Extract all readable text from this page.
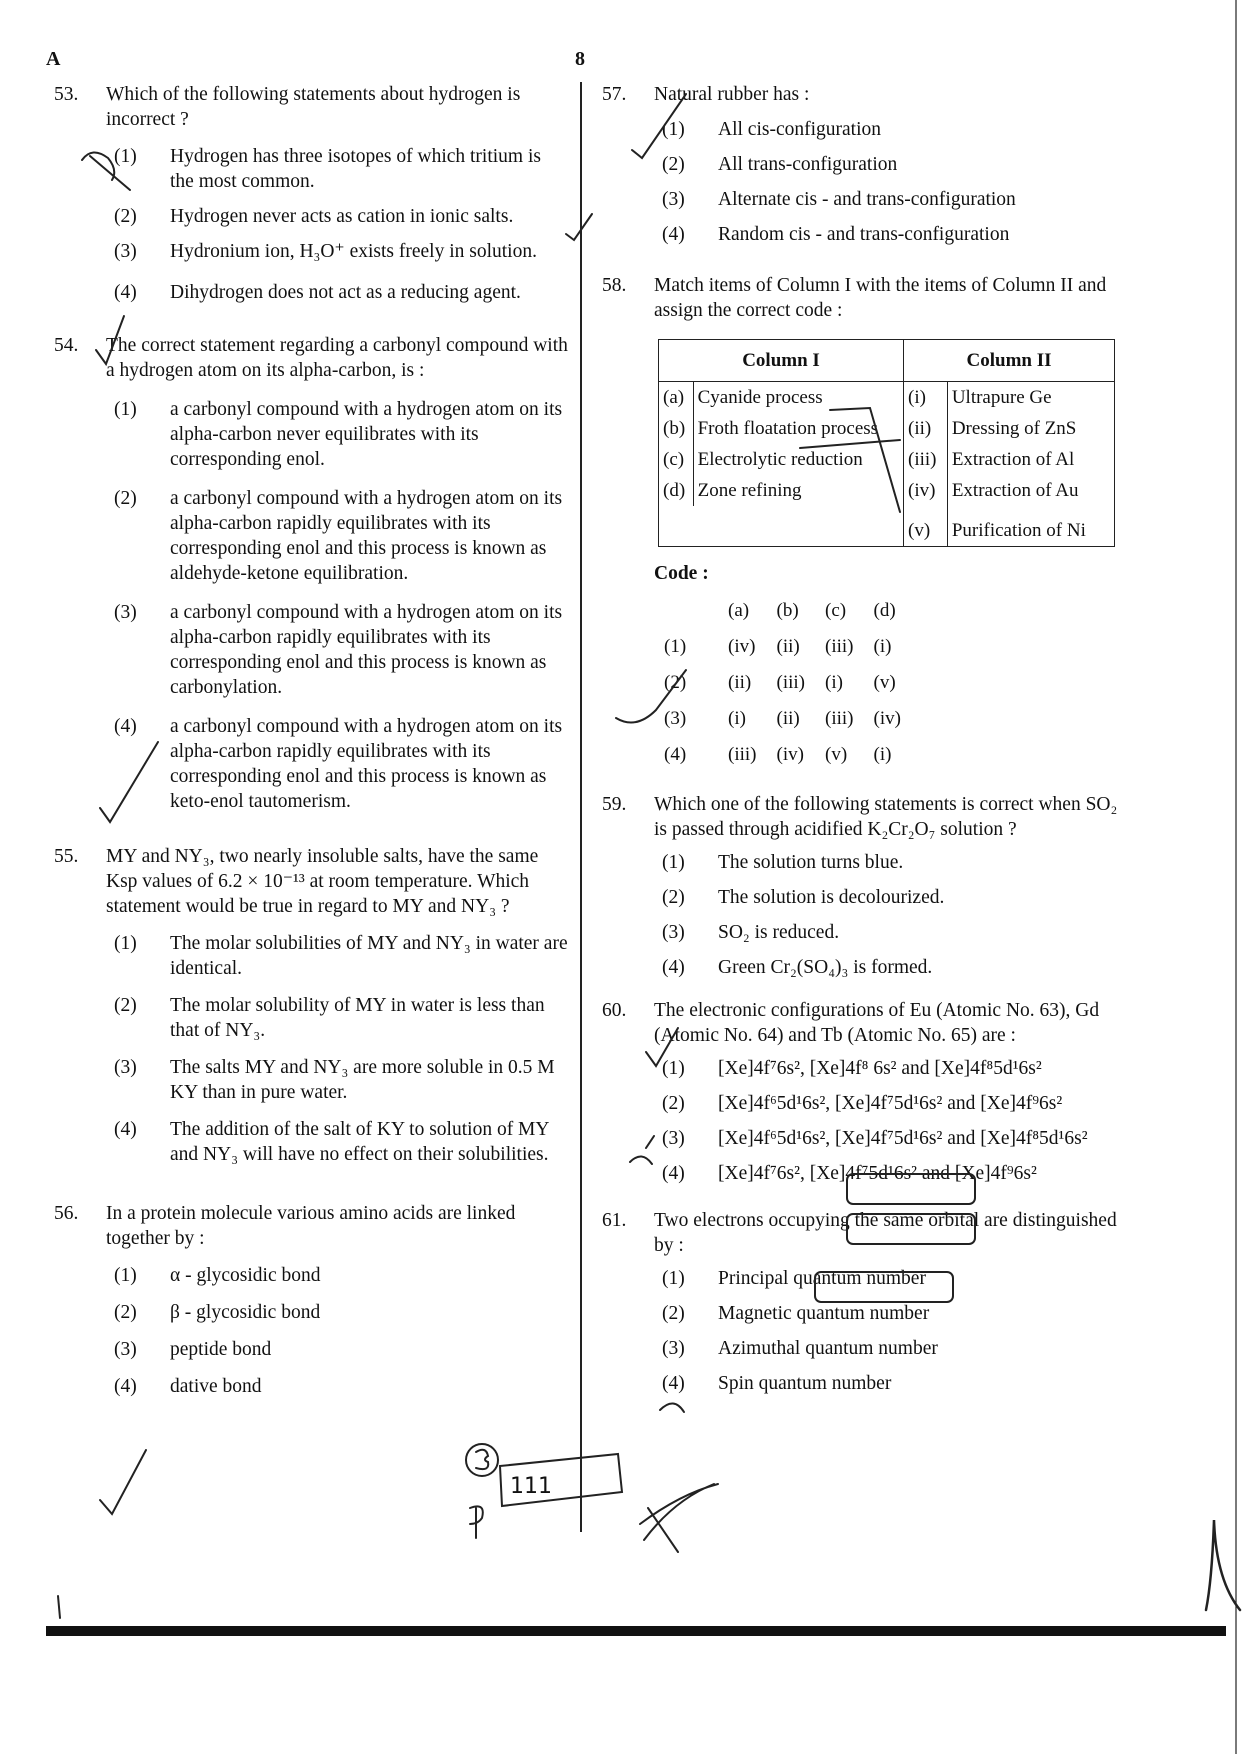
A	8
53. Which of the following statements about hydrogen is incorrect ?
(1) Hydrogen has three isotopes of which tritium is the most common.
(2) Hydrogen never acts as cation in ionic salts.
(3) Hydronium ion, H₃O⁺ exists freely in solution.
(4) Dihydrogen does not act as a reducing agent.
54. The correct statement regarding a carbonyl compound with a hydrogen atom on its alpha-carbon, is :
(1) a carbonyl compound with a hydrogen atom on its alpha-carbon never equilibrates with its corresponding enol.
(2) a carbonyl compound with a hydrogen atom on its alpha-carbon rapidly equilibrates with its corresponding enol and this process is known as aldehyde-ketone equilibration.
(3) a carbonyl compound with a hydrogen atom on its alpha-carbon rapidly equilibrates with its corresponding enol and this process is known as carbonylation.
(4) a carbonyl compound with a hydrogen atom on its alpha-carbon rapidly equilibrates with its corresponding enol and this process is known as keto-enol tautomerism.
55. MY and NY₃, two nearly insoluble salts, have the same Ksp values of 6.2 × 10⁻¹³ at room temperature. Which statement would be true in regard to MY and NY₃ ?
(1) The molar solubilities of MY and NY₃ in water are identical.
(2) The molar solubility of MY in water is less than that of NY₃.
(3) The salts MY and NY₃ are more soluble in 0.5 M KY than in pure water.
(4) The addition of the salt of KY to solution of MY and NY₃ will have no effect on their solubilities.
56. In a protein molecule various amino acids are linked together by :
(1) α - glycosidic bond
(2) β - glycosidic bond
(3) peptide bond
(4) dative bond
57. Natural rubber has :
(1) All cis-configuration
(2) All trans-configuration
(3) Alternate cis - and trans-configuration
(4) Random cis - and trans-configuration
58. Match items of Column I with the items of Column II and assign the correct code :
Column I		Column II	
(a)	Cyanide process	(i)	Ultrapure Ge
(b)	Froth floatation process	(ii)	Dressing of ZnS
(c)	Electrolytic reduction	(iii)	Extraction of Al
(d)	Zone refining	(iv)	Extraction of Au
		(v)	Purification of Ni
Code :
	(a)	(b)	(c)	(d)
(1)	(iv)	(ii)	(iii)	(i)
(2)	(ii)	(iii)	(i)	(v)
(3)	(i)	(ii)	(iii)	(iv)
(4)	(iii)	(iv)	(v)	(i)
59. Which one of the following statements is correct when SO₂ is passed through acidified K₂Cr₂O₇ solution ?
(1) The solution turns blue.
(2) The solution is decolourized.
(3) SO₂ is reduced.
(4) Green Cr₂(SO₄)₃ is formed.
60. The electronic configurations of Eu (Atomic No. 63), Gd (Atomic No. 64) and Tb (Atomic No. 65) are :
(1) [Xe]4f⁷6s², [Xe]4f⁸ 6s² and [Xe]4f⁸5d¹6s²
(2) [Xe]4f⁶5d¹6s², [Xe]4f⁷5d¹6s² and [Xe]4f⁹6s²
(3) [Xe]4f⁶5d¹6s², [Xe]4f⁷5d¹6s² and [Xe]4f⁸5d¹6s²
(4) [Xe]4f⁷6s², [Xe]4f⁷5d¹6s² and [Xe]4f⁹6s²
61. Two electrons occupying the same orbital are distinguished by :
(1) Principal quantum number
(2) Magnetic quantum number
(3) Azimuthal quantum number
(4) Spin quantum number
111
